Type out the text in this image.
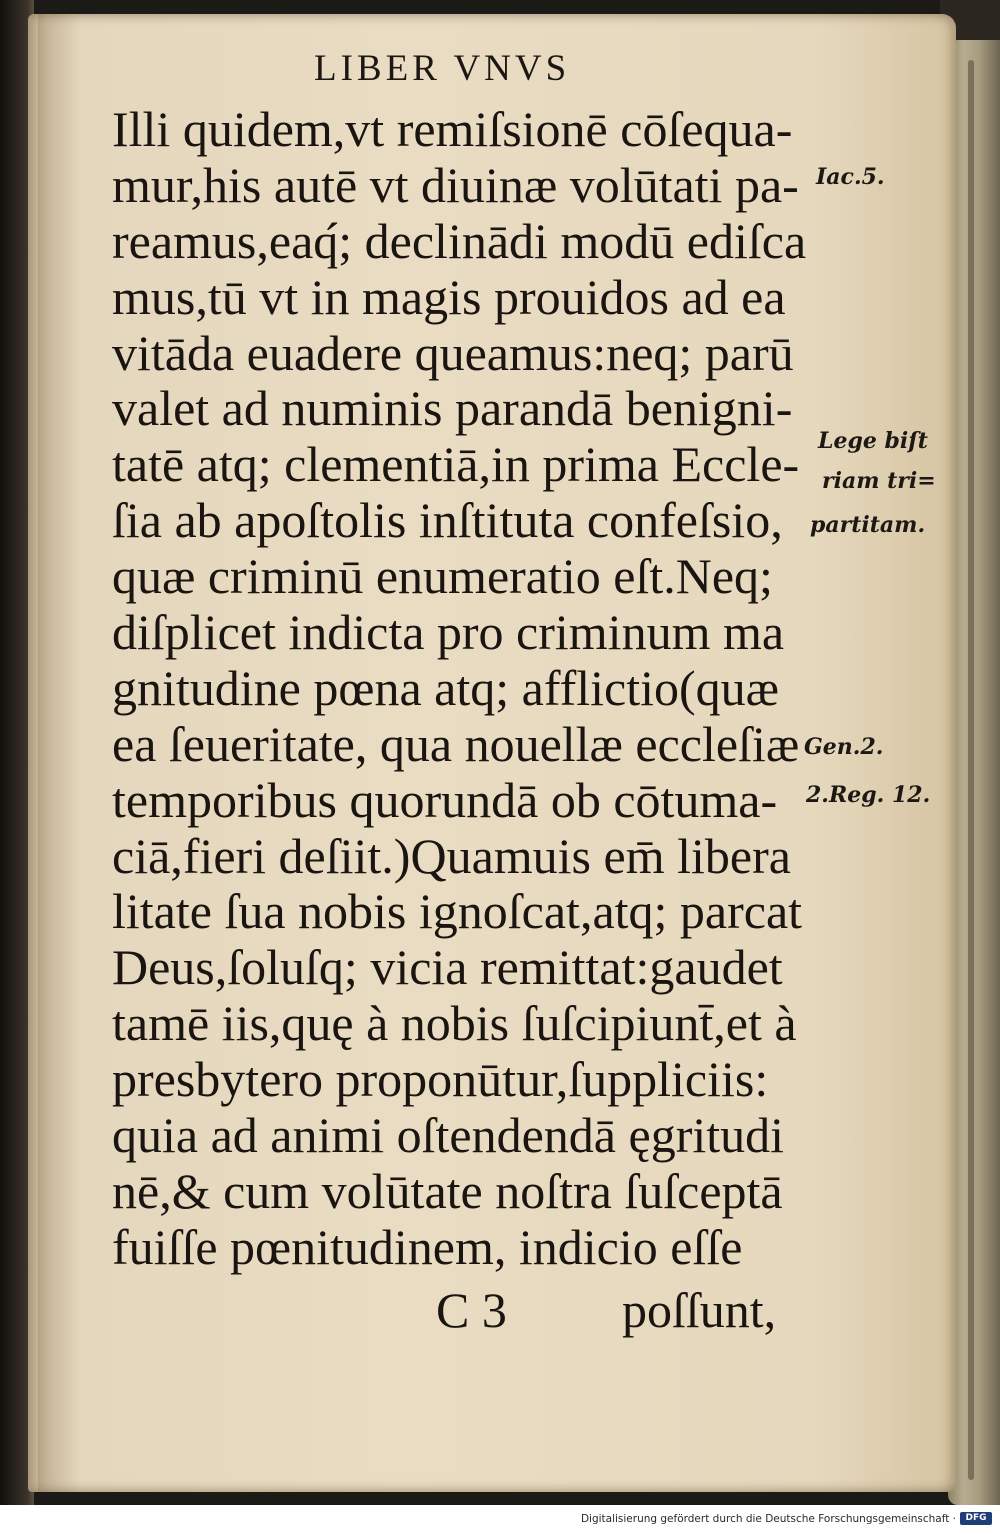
LIBER VNVS
Illi quidem,vt remiſsionē cōſequa-
mur,his autē vt diuinæ volūtati pa-
reamus,eaq́; declinādi modū ediſca
mus,tū vt in magis prouidos ad ea
vitāda euadere queamus:neq; parū
valet ad numinis parandā benigni-
tatē atq; clementiā,in prima Eccle-
ſia ab apoſtolis inſtituta confeſsio,
quæ criminū enumeratio eſt.Neq;
diſplicet indicta pro criminum ma
gnitudine pœna atq; afflictio(quæ
ea ſeueritate, qua nouellæ eccleſiæ
temporibus quorundā ob cōtuma-
ciā,fieri deſiit.)Quamuis em̄ libera
litate ſua nobis ignoſcat,atq; parcat
Deus,ſoluſq; vicia remittat:gaudet
tamē iis,quę à nobis ſuſcipiunt̄,et à
presbytero proponūtur,ſuppliciis:
quia ad animi oſtendendā ęgritudi
nē,& cum volūtate noſtra ſuſceptā
fuiſſe pœnitudinem, indicio eſſe
C 3 poſſunt,
Iac.5.
Lege biſt
riam tri=
partitam.
Gen.2.
2.Reg. 12.
Digitalisierung gefördert durch die Deutsche Forschungsgemeinschaft ·	DFG
